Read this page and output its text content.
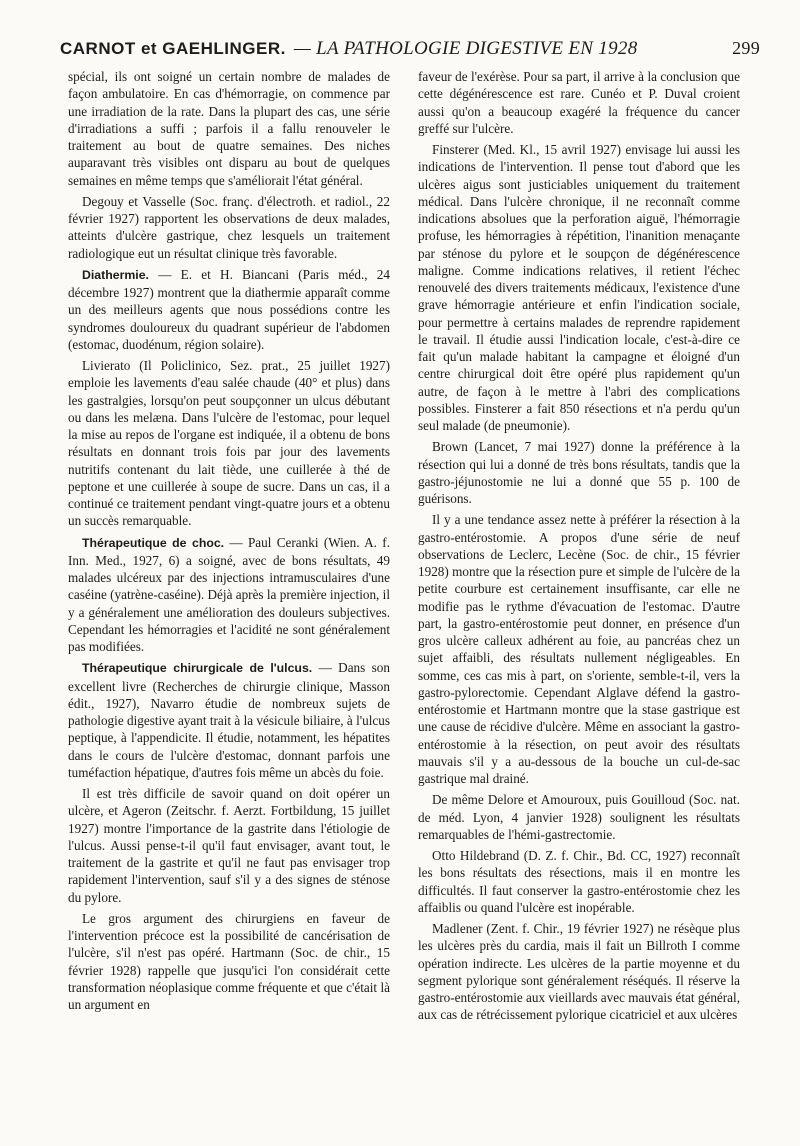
CARNOT et GAEHLINGER. — LA PATHOLOGIE DIGESTIVE EN 1928	299

spécial, ils ont soigné un certain nombre de malades de façon ambulatoire. En cas d'hémorragie, on commence par une irradiation de la rate. Dans la plupart des cas, une série d'irradiations a suffi ; parfois il a fallu renouveler le traitement au bout de quatre semaines. Des niches auparavant très visibles ont disparu au bout de quelques semaines en même temps que s'améliorait l'état général.

Degouy et Vasselle (Soc. franç. d'électroth. et radiol., 22 février 1927) rapportent les observations de deux malades, atteints d'ulcère gastrique, chez lesquels un traitement radiologique eut un résultat clinique très favorable.

Diathermie. — E. et H. Biancani (Paris méd., 24 décembre 1927) montrent que la diathermie apparaît comme un des meilleurs agents que nous possédions contre les syndromes douloureux du quadrant supérieur de l'abdomen (estomac, duodénum, région solaire).

Livierato (Il Policlinico, Sez. prat., 25 juillet 1927) emploie les lavements d'eau salée chaude (40° et plus) dans les gastralgies, lorsqu'on peut soupçonner un ulcus débutant ou dans les melæna. Dans l'ulcère de l'estomac, pour lequel la mise au repos de l'organe est indiquée, il a obtenu de bons résultats en donnant trois fois par jour des lavements nutritifs contenant du lait tiède, une cuillerée à thé de peptone et une cuillerée à soupe de sucre. Dans un cas, il a continué ce traitement pendant vingt-quatre jours et a obtenu un succès remarquable.

Thérapeutique de choc. — Paul Ceranki (Wien. A. f. Inn. Med., 1927, 6) a soigné, avec de bons résultats, 49 malades ulcéreux par des injections intramusculaires d'une caséine (yatrène-caséine). Déjà après la première injection, il y a généralement une amélioration des douleurs subjectives. Cependant les hémorragies et l'acidité ne sont généralement pas modifiées.

Thérapeutique chirurgicale de l'ulcus. — Dans son excellent livre (Recherches de chirurgie clinique, Masson édit., 1927), Navarro étudie de nombreux sujets de pathologie digestive ayant trait à la vésicule biliaire, à l'ulcus peptique, à l'appendicite. Il étudie, notamment, les hépatites dans le cours de l'ulcère d'estomac, donnant parfois une tuméfaction hépatique, d'autres fois même un abcès du foie.

Il est très difficile de savoir quand on doit opérer un ulcère, et Ageron (Zeitschr. f. Aerzt. Fortbildung, 15 juillet 1927) montre l'importance de la gastrite dans l'étiologie de l'ulcus. Aussi pense-t-il qu'il faut envisager, avant tout, le traitement de la gastrite et qu'il ne faut pas envisager trop rapidement l'intervention, sauf s'il y a des signes de sténose du pylore.

Le gros argument des chirurgiens en faveur de l'intervention précoce est la possibilité de cancérisation de l'ulcère, s'il n'est pas opéré. Hartmann (Soc. de chir., 15 février 1928) rappelle que jusqu'ici l'on considérait cette transformation néoplasique comme fréquente et que c'était là un argument en

faveur de l'exérèse. Pour sa part, il arrive à la conclusion que cette dégénérescence est rare. Cunéo et P. Duval croient aussi qu'on a beaucoup exagéré la fréquence du cancer greffé sur l'ulcère.

Finsterer (Med. Kl., 15 avril 1927) envisage lui aussi les indications de l'intervention. Il pense tout d'abord que les ulcères aigus sont justiciables uniquement du traitement médical. Dans l'ulcère chronique, il ne reconnaît comme indications absolues que la perforation aiguë, l'hémorragie profuse, les hémorragies à répétition, l'inanition menaçante par sténose du pylore et le soupçon de dégénérescence maligne. Comme indications relatives, il retient l'échec renouvelé des divers traitements médicaux, l'existence d'une grave hémorragie antérieure et enfin l'indication sociale, pour permettre à certains malades de reprendre rapidement le travail. Il étudie aussi l'indication locale, c'est-à-dire ce fait qu'un malade habitant la campagne et éloigné d'un centre chirurgical doit être opéré plus rapidement qu'un autre, de façon à le mettre à l'abri des complications possibles. Finsterer a fait 850 résections et n'a perdu qu'un seul malade (de pneumonie).

Brown (Lancet, 7 mai 1927) donne la préférence à la résection qui lui a donné de très bons résultats, tandis que la gastro-jéjunostomie ne lui a donné que 55 p. 100 de guérisons.

Il y a une tendance assez nette à préférer la résection à la gastro-entérostomie. A propos d'une série de neuf observations de Leclerc, Lecène (Soc. de chir., 15 février 1928) montre que la résection pure et simple de l'ulcère de la petite courbure est certainement insuffisante, car elle ne modifie pas le rythme d'évacuation de l'estomac. D'autre part, la gastro-entérostomie peut donner, en présence d'un gros ulcère calleux adhérent au foie, au pancréas chez un sujet affaibli, des résultats nullement négligeables. En somme, ces cas mis à part, on s'oriente, semble-t-il, vers la gastro-pylorectomie. Cependant Alglave défend la gastro-entérostomie et Hartmann montre que la stase gastrique est une cause de récidive d'ulcère. Même en associant la gastro-entérostomie à la résection, on peut avoir des résultats mauvais s'il y a au-dessous de la bouche un cul-de-sac gastrique mal drainé.

De même Delore et Amouroux, puis Gouilloud (Soc. nat. de méd. Lyon, 4 janvier 1928) soulignent les résultats remarquables de l'hémi-gastrectomie.

Otto Hildebrand (D. Z. f. Chir., Bd. CC, 1927) reconnaît les bons résultats des résections, mais il en montre les difficultés. Il faut conserver la gastro-entérostomie chez les affaiblis ou quand l'ulcère est inopérable.

Madlener (Zent. f. Chir., 19 février 1927) ne résèque plus les ulcères près du cardia, mais il fait un Billroth I comme opération indirecte. Les ulcères de la partie moyenne et du segment pylorique sont généralement réséqués. Il réserve la gastro-entérostomie aux vieillards avec mauvais état général, aux cas de rétrécissement pylorique cicatriciel et aux ulcères
